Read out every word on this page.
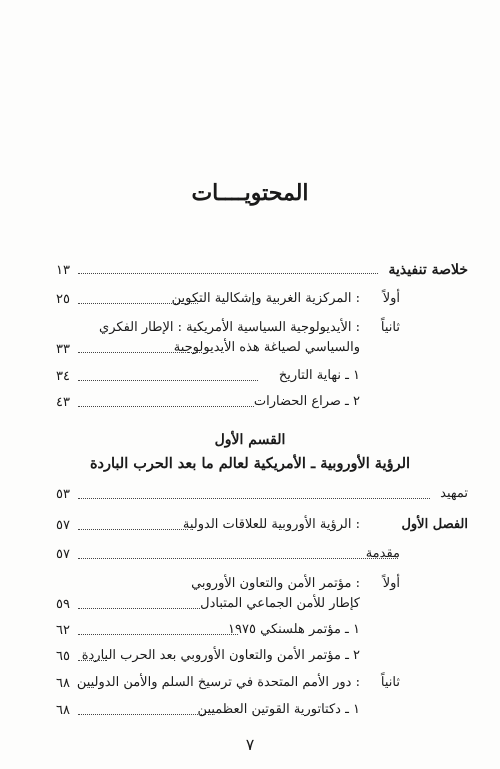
المحتويــــات
خلاصة تنفيذية
١٣
أولاً
: المركزية الغربية وإشكالية التكوين
٢٥
ثانياً
: الأيديولوجية السياسية الأمريكية : الإطار الفكري
والسياسي لصياغة هذه الأيديولوجية
٣٣
١ ـ نهاية التاريخ
٣٤
٢ ـ صراع الحضارات
٤٣
القسم الأول
الرؤية الأوروبية ـ الأمريكية لعالم ما بعد الحرب الباردة
تمهيد
٥٣
الفصل الأول
: الرؤية الأوروبية للعلاقات الدولية
٥٧
مقدمة
٥٧
أولاً
: مؤتمر الأمن والتعاون الأوروبي
كإطار للأمن الجماعي المتبادل
٥٩
١ ـ مؤتمر هلسنكي ١٩٧٥
٦٢
٢ ـ مؤتمر الأمن والتعاون الأوروبي بعد الحرب الباردة
٦٥
ثانياً
: دور الأمم المتحدة في ترسيخ السلم والأمن الدوليين
٦٨
١ ـ دكتاتورية القوتين العظميين
٦٨
٧
